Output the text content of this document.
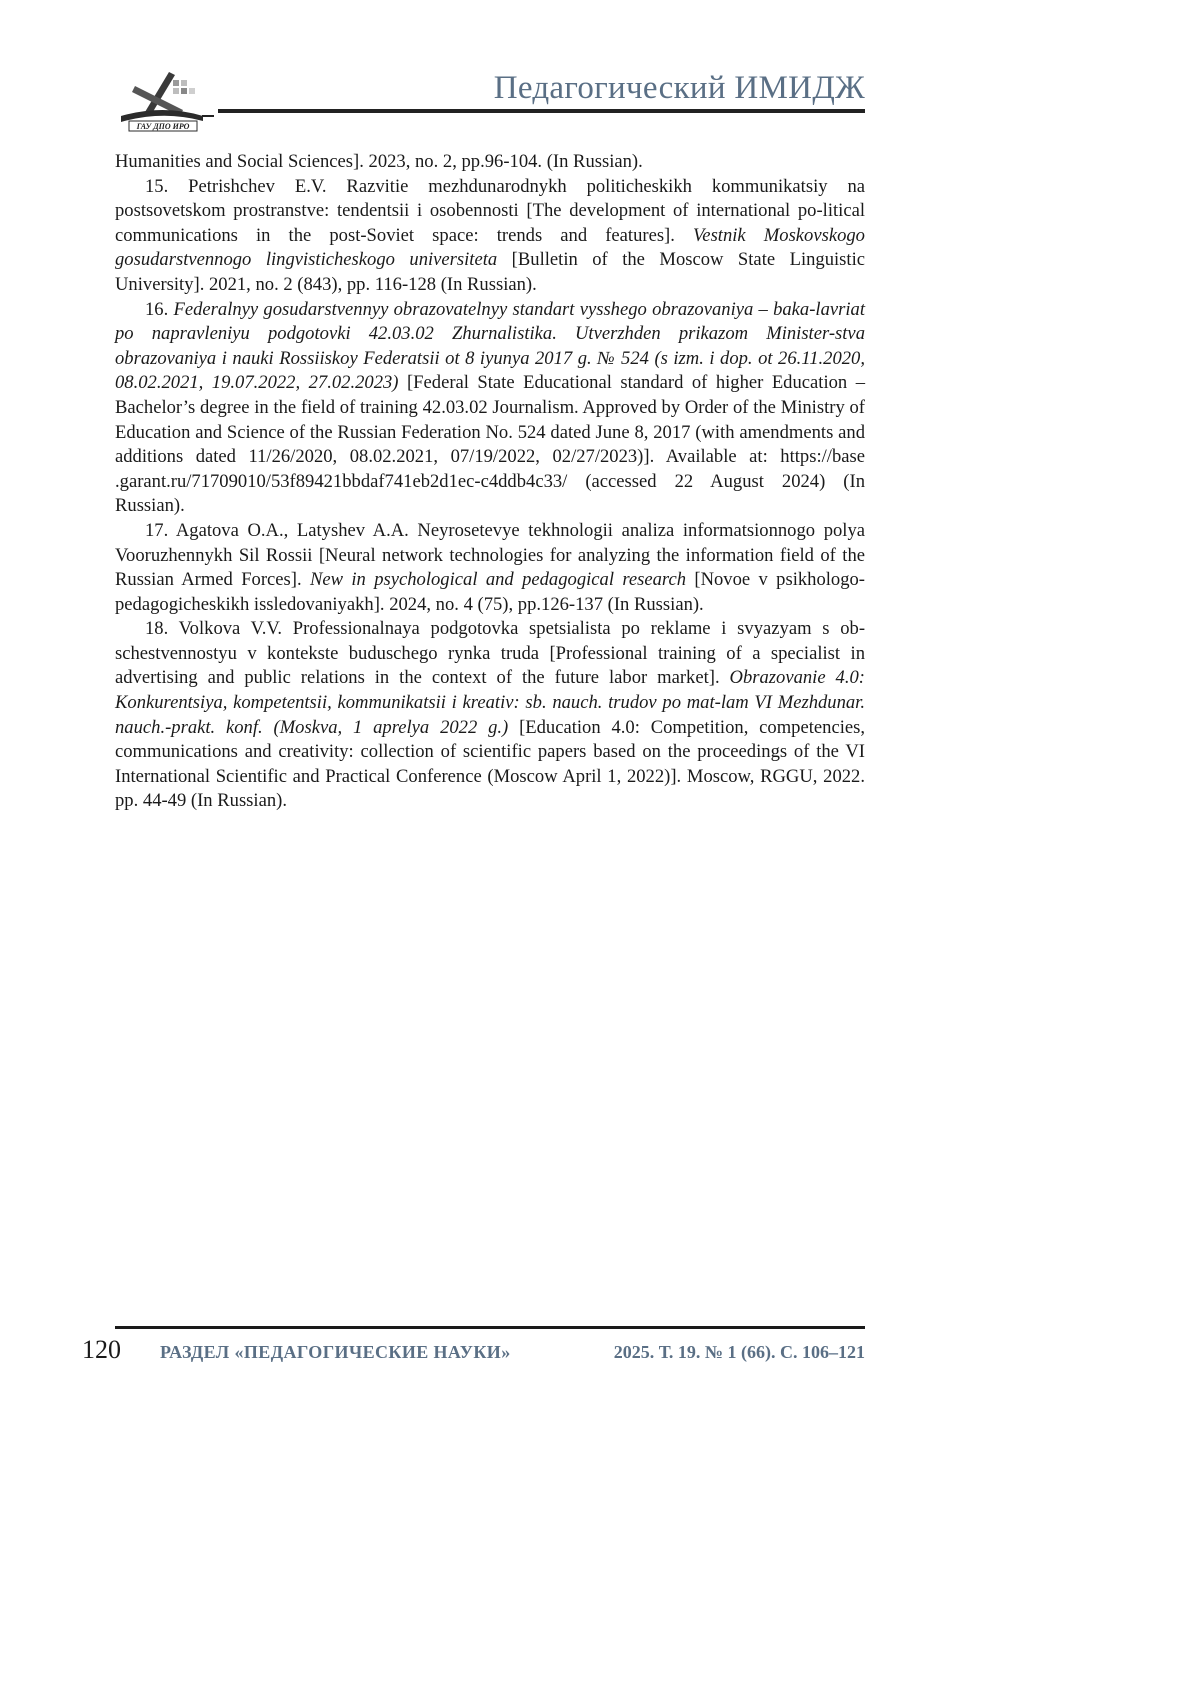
ГАУ ДПО ИРО
Педагогический ИМИДЖ

Humanities and Social Sciences]. 2023, no. 2, pp.96-104. (In Russian).

15. Petrishchev E.V. Razvitie mezhdunarodnykh politicheskikh kommunikatsiy na postsovetskom prostranstve: tendentsii i osobennosti [The development of international po-litical communications in the post-Soviet space: trends and features]. Vestnik Moskovskogo gosudarstvennogo lingvisticheskogo universiteta [Bulletin of the Moscow State Linguistic University]. 2021, no. 2 (843), pp. 116-128 (In Russian).

16. Federalnyy gosudarstvennyy obrazovatelnyy standart vysshego obrazovaniya – baka-lavriat po napravleniyu podgotovki 42.03.02 Zhurnalistika. Utverzhden prikazom Minister-stva obrazovaniya i nauki Rossiiskoy Federatsii ot 8 iyunya 2017 g. № 524 (s izm. i dop. ot 26.11.2020, 08.02.2021, 19.07.2022, 27.02.2023) [Federal State Educational standard of higher Education – Bachelor’s degree in the field of training 42.03.02 Journalism. Approved by Order of the Ministry of Education and Science of the Russian Federation No. 524 dated June 8, 2017 (with amendments and additions dated 11/26/2020, 08.02.2021, 07/19/2022, 02/27/2023)]. Available at: https://base .garant.ru/71709010/53f89421bbdaf741eb2d1ec-c4ddb4c33/ (accessed 22 August 2024) (In Russian).

17. Agatova O.A., Latyshev A.A. Neyrosetevye tekhnologii analiza informatsionnogo polya Vooruzhennykh Sil Rossii [Neural network technologies for analyzing the information field of the Russian Armed Forces]. New in psychological and pedagogical research [Novoe v psikhologo-pedagogicheskikh issledovaniyakh]. 2024, no. 4 (75), pp.126-137 (In Russian).

18. Volkova V.V. Professionalnaya podgotovka spetsialista po reklame i svyazyam s ob-schestvennostyu v kontekste buduschego rynka truda [Professional training of a specialist in advertising and public relations in the context of the future labor market]. Obrazovanie 4.0: Konkurentsiya, kompetentsii, kommunikatsii i kreativ: sb. nauch. trudov po mat-lam VI Mezhdunar. nauch.-prakt. konf. (Moskva, 1 aprelya 2022 g.) [Education 4.0: Competition, competencies, communications and creativity: collection of scientific papers based on the proceedings of the VI International Scientific and Practical Conference (Moscow April 1, 2022)]. Moscow, RGGU, 2022. pp. 44-49 (In Russian).

120 РАЗДЕЛ «ПЕДАГОГИЧЕСКИЕ НАУКИ»	2025. Т. 19. № 1 (66). С. 106–121
